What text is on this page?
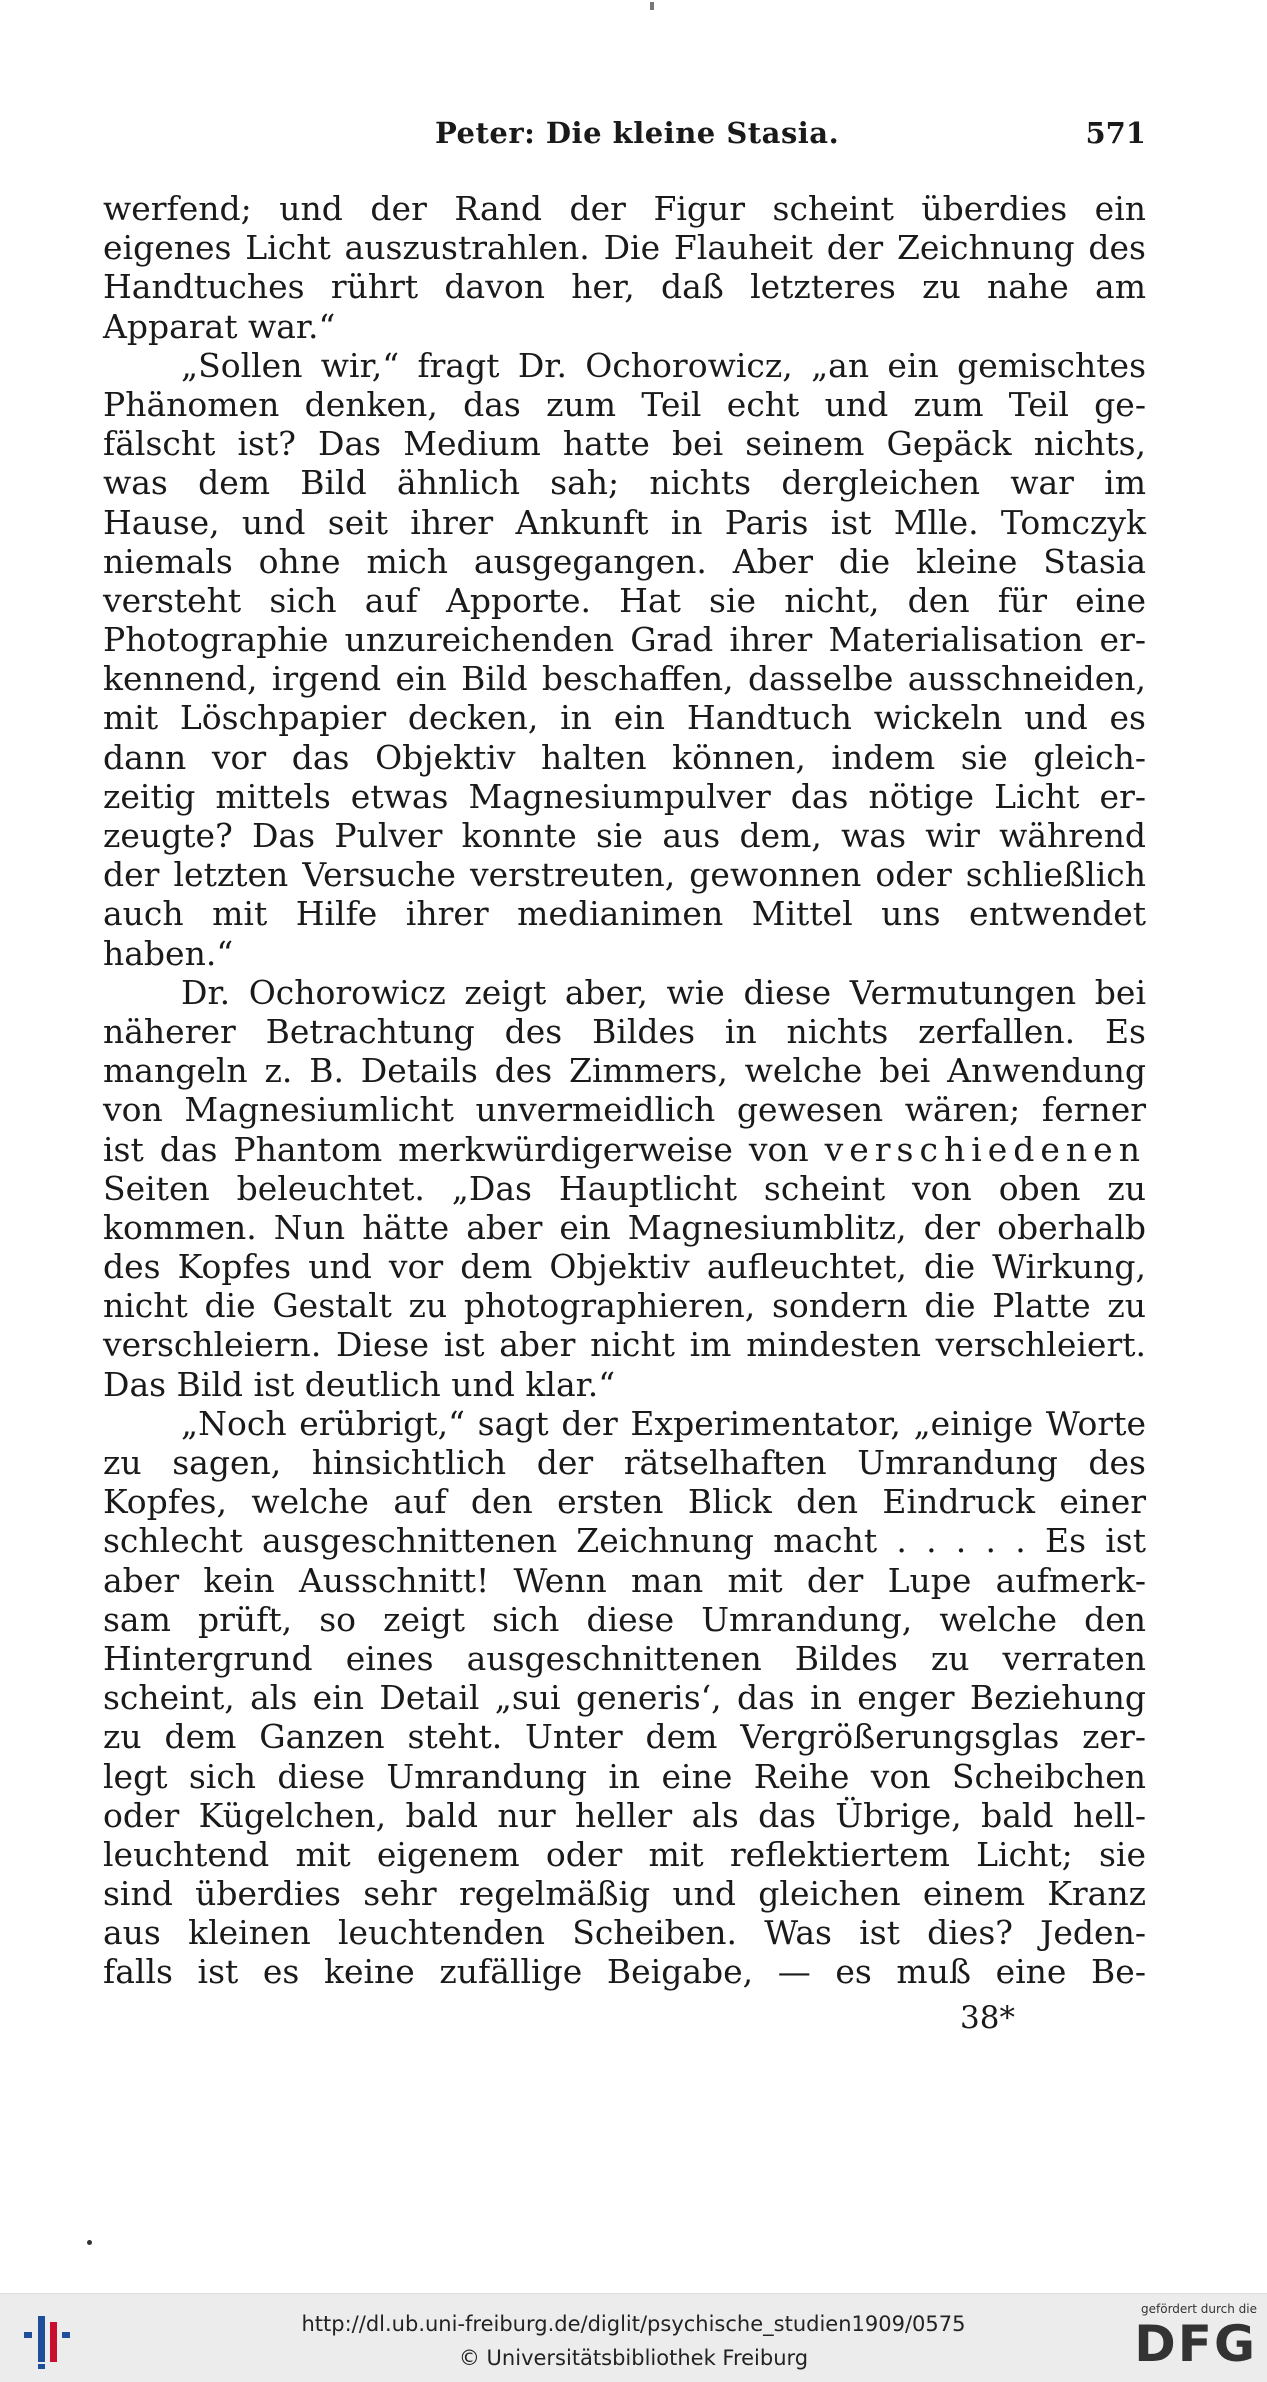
Peter: Die kleine Stasia.	571
werfend; und der Rand der Figur scheint überdies ein
eigenes Licht auszustrahlen. Die Flauheit der Zeichnung des
Handtuches rührt davon her, daß letzteres zu nahe am
Apparat war.“
„Sollen wir,“ fragt Dr. Ochorowicz, „an ein gemischtes
Phänomen denken, das zum Teil echt und zum Teil ge-
fälscht ist? Das Medium hatte bei seinem Gepäck nichts,
was dem Bild ähnlich sah; nichts dergleichen war im
Hause, und seit ihrer Ankunft in Paris ist Mlle. Tomczyk
niemals ohne mich ausgegangen. Aber die kleine Stasia
versteht sich auf Apporte. Hat sie nicht, den für eine
Photographie unzureichenden Grad ihrer Materialisation er-
kennend, irgend ein Bild beschaffen, dasselbe ausschneiden,
mit Löschpapier decken, in ein Handtuch wickeln und es
dann vor das Objektiv halten können, indem sie gleich-
zeitig mittels etwas Magnesiumpulver das nötige Licht er-
zeugte? Das Pulver konnte sie aus dem, was wir während
der letzten Versuche verstreuten, gewonnen oder schließlich
auch mit Hilfe ihrer medianimen Mittel uns entwendet
haben.“
Dr. Ochorowicz zeigt aber, wie diese Vermutungen bei
näherer Betrachtung des Bildes in nichts zerfallen. Es
mangeln z. B. Details des Zimmers, welche bei Anwendung
von Magnesiumlicht unvermeidlich gewesen wären; ferner
ist das Phantom merkwürdigerweise von verschiedenen
Seiten beleuchtet. „Das Hauptlicht scheint von oben zu
kommen. Nun hätte aber ein Magnesiumblitz, der oberhalb
des Kopfes und vor dem Objektiv aufleuchtet, die Wirkung,
nicht die Gestalt zu photographieren, sondern die Platte zu
verschleiern. Diese ist aber nicht im mindesten verschleiert.
Das Bild ist deutlich und klar.“
„Noch erübrigt,“ sagt der Experimentator, „einige Worte
zu sagen, hinsichtlich der rätselhaften Umrandung des
Kopfes, welche auf den ersten Blick den Eindruck einer
schlecht ausgeschnittenen Zeichnung macht . . . . . Es ist
aber kein Ausschnitt! Wenn man mit der Lupe aufmerk-
sam prüft, so zeigt sich diese Umrandung, welche den
Hintergrund eines ausgeschnittenen Bildes zu verraten
scheint, als ein Detail „sui generis‘, das in enger Beziehung
zu dem Ganzen steht. Unter dem Vergrößerungsglas zer-
legt sich diese Umrandung in eine Reihe von Scheibchen
oder Kügelchen, bald nur heller als das Übrige, bald hell-
leuchtend mit eigenem oder mit reflektiertem Licht; sie
sind überdies sehr regelmäßig und gleichen einem Kranz
aus kleinen leuchtenden Scheiben. Was ist dies? Jeden-
falls ist es keine zufällige Beigabe, — es muß eine Be-
38*
http://dl.ub.uni-freiburg.de/diglit/psychische_studien1909/0575
© Universitätsbibliothek Freiburg
gefördert durch die
DFG
